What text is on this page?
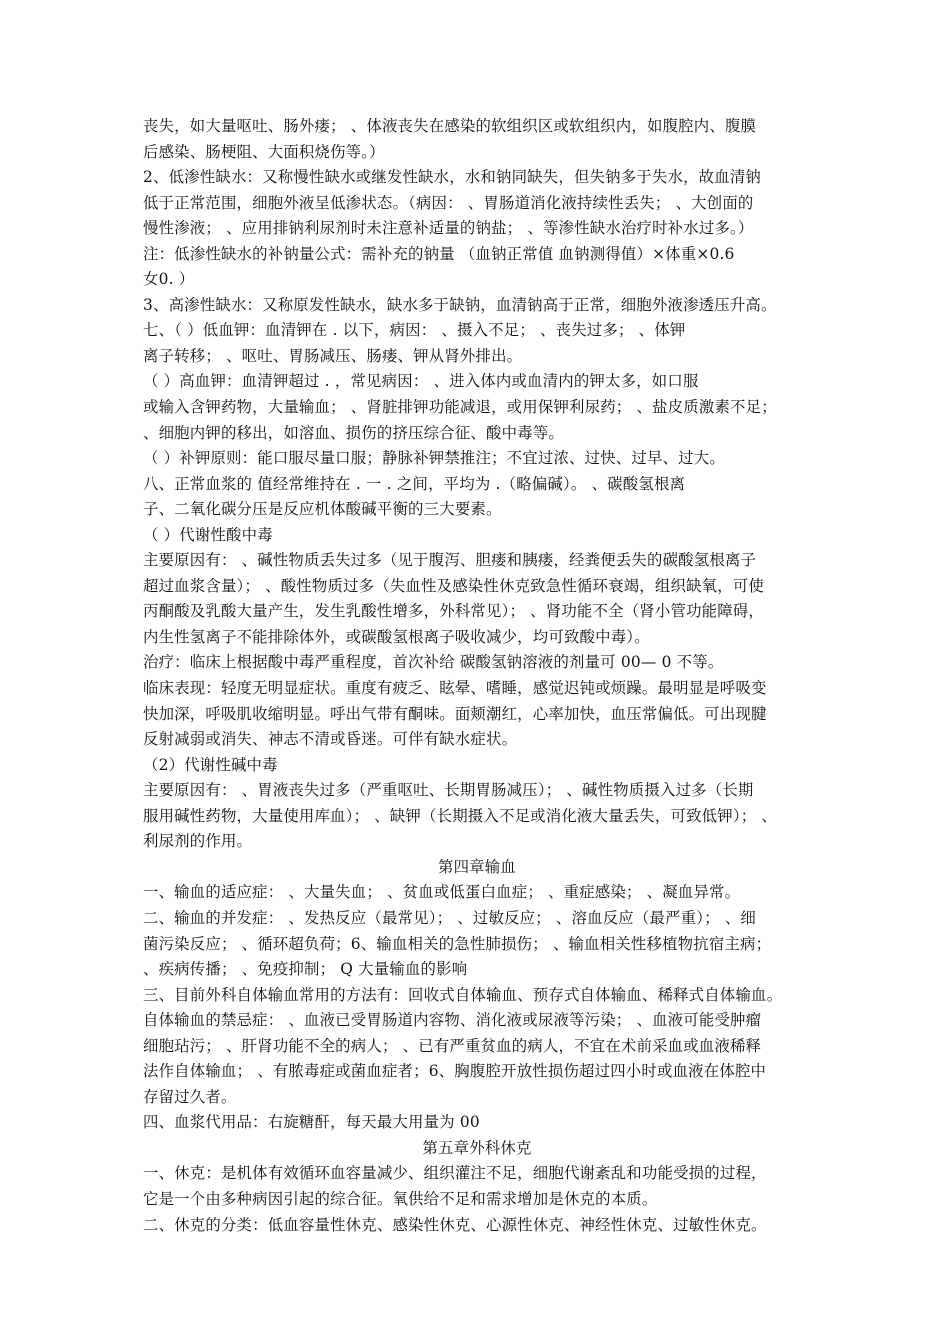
丧失，如大量呕吐、肠外瘘； 、体液丧失在感染的软组织区或软组织内，如腹腔内、腹膜
后感染、肠梗阻、大面积烧伤等。）
2、低渗性缺水：又称慢性缺水或继发性缺水，水和钠同缺失，但失钠多于失水，故血清钠
低于正常范围，细胞外液呈低渗状态。（病因： 、胃肠道消化液持续性丢失； 、大创面的
慢性渗液； 、应用排钠利尿剂时未注意补适量的钠盐； 、等渗性缺水治疗时补水过多。）
注：低渗性缺水的补钠量公式：需补充的钠量 （血钠正常值 血钠测得值）×体重×0.6
女0. ）
3、高渗性缺水：又称原发性缺水，缺水多于缺钠，血清钠高于正常，细胞外液渗透压升高。
七、（ ）低血钾：血清钾在 . 以下，病因： 、摄入不足； 、丧失过多； 、体钾
离子转移； 、呕吐、胃肠减压、肠瘘、钾从肾外排出。
（ ）高血钾：血清钾超过 . ，常见病因： 、进入体内或血清内的钾太多，如口服
或输入含钾药物，大量输血； 、肾脏排钾功能减退，或用保钾利尿药； 、盐皮质激素不足；
、细胞内钾的移出，如溶血、损伤的挤压综合征、酸中毒等。
（ ）补钾原则：能口服尽量口服；静脉补钾禁推注；不宜过浓、过快、过早、过大。
八、正常血浆的 值经常维持在 . 一 . 之间，平均为 .（略偏碱）。 、碳酸氢根离
子、二氧化碳分压是反应机体酸碱平衡的三大要素。
（ ）代谢性酸中毒
主要原因有： 、碱性物质丢失过多（见于腹泻、胆瘘和胰瘘，经粪便丢失的碳酸氢根离子
超过血浆含量）； 、酸性物质过多（失血性及感染性休克致急性循环衰竭，组织缺氧，可使
丙酮酸及乳酸大量产生，发生乳酸性增多，外科常见）； 、肾功能不全（肾小管功能障碍，
内生性氢离子不能排除体外，或碳酸氢根离子吸收减少，均可致酸中毒）。
治疗：临床上根据酸中毒严重程度，首次补给 碳酸氢钠溶液的剂量可 00— 0 不等。
临床表现：轻度无明显症状。重度有疲乏、眩晕、嗜睡，感觉迟钝或烦躁。最明显是呼吸变
快加深，呼吸肌收缩明显。呼出气带有酮味。面颊潮红，心率加快，血压常偏低。可出现腱
反射减弱或消失、神志不清或昏迷。可伴有缺水症状。
（2）代谢性碱中毒
主要原因有： 、胃液丧失过多（严重呕吐、长期胃肠减压）； 、碱性物质摄入过多（长期
服用碱性药物，大量使用库血）； 、缺钾（长期摄入不足或消化液大量丢失，可致低钾）； 、
利尿剂的作用。
第四章输血
一、输血的适应症： 、大量失血； 、贫血或低蛋白血症； 、重症感染； 、凝血异常。
二、输血的并发症： 、发热反应（最常见）； 、过敏反应； 、溶血反应（最严重）； 、细
菌污染反应； 、循环超负荷；6、输血相关的急性肺损伤； 、输血相关性移植物抗宿主病；
、疾病传播； 、免疫抑制； Q 大量输血的影响
三、目前外科自体输血常用的方法有：回收式自体输血、预存式自体输血、稀释式自体输血。
自体输血的禁忌症： 、血液已受胃肠道内容物、消化液或尿液等污染； 、血液可能受肿瘤
细胞玷污； 、肝肾功能不全的病人； 、已有严重贫血的病人，不宜在术前采血或血液稀释
法作自体输血； 、有脓毒症或菌血症者；6、胸腹腔开放性损伤超过四小时或血液在体腔中
存留过久者。
四、血浆代用品：右旋糖酐，每天最大用量为 00
第五章外科休克
一、休克：是机体有效循环血容量减少、组织灌注不足，细胞代谢紊乱和功能受损的过程，
它是一个由多种病因引起的综合征。氧供给不足和需求增加是休克的本质。
二、休克的分类：低血容量性休克、感染性休克、心源性休克、神经性休克、过敏性休克。
